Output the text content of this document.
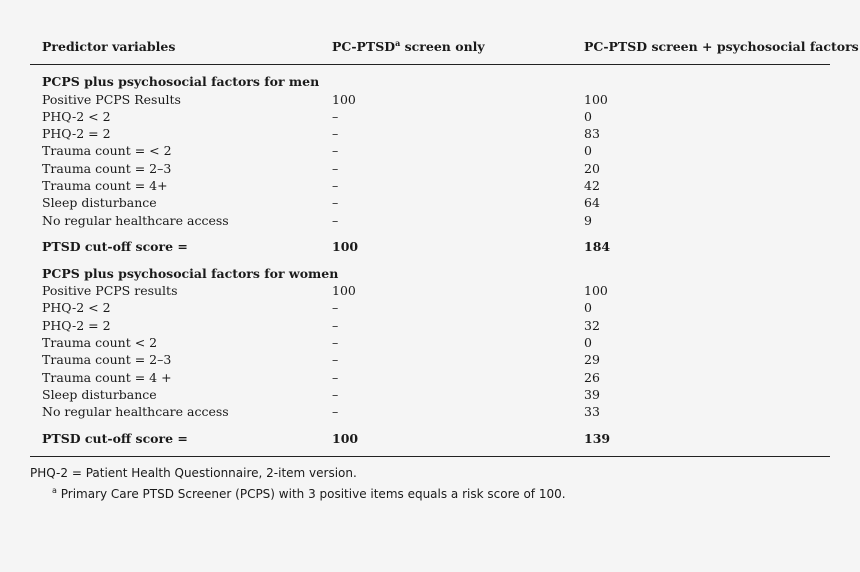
Predictor variables	PC-PTSD$^a$ screen only	PC-PTSD screen + psychosocial factors
PCPS plus psychosocial factors for men
Positive PCPS Results	100	100
PHQ-2 < 2	–	0
PHQ-2 = 2	–	83
Trauma count = < 2	–	0
Trauma count = 2–3	–	20
Trauma count = 4+	–	42
Sleep disturbance	–	64
No regular healthcare access	–	9
PTSD cut-off score =	100	184
PCPS plus psychosocial factors for women
Positive PCPS results	100	100
PHQ-2 < 2	–	0
PHQ-2 = 2	–	32
Trauma count < 2	–	0
Trauma count = 2–3	–	29
Trauma count = 4 +	–	26
Sleep disturbance	–	39
No regular healthcare access	–	33
PTSD cut-off score =	100	139
PHQ-2 = Patient Health Questionnaire, 2-item version.
$^a$ Primary Care PTSD Screener (PCPS) with 3 positive items equals a risk score of 100.
